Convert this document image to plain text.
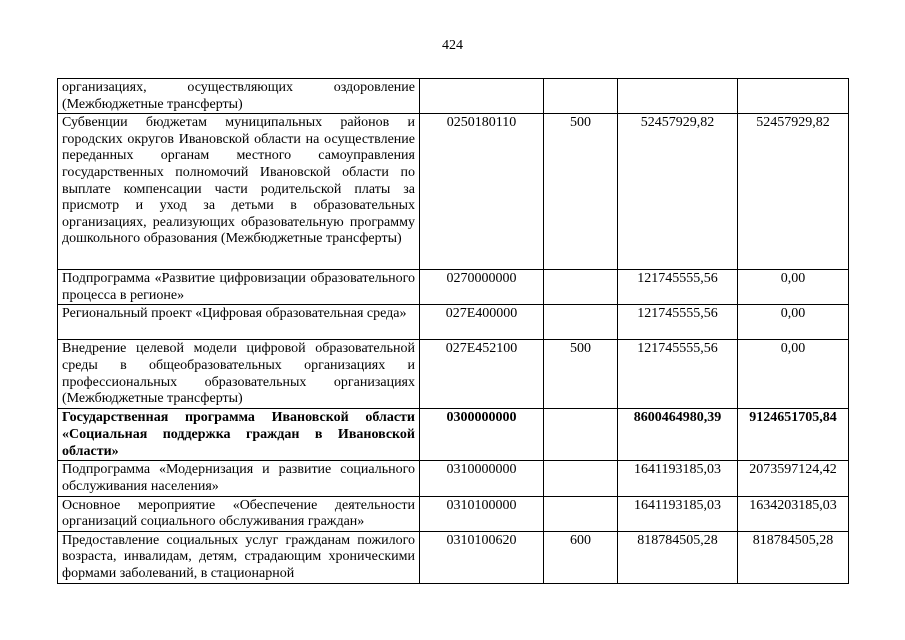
424
организациях, осуществляющих оздоровление (Межбюджетные трансферты)				
Субвенции бюджетам муниципальных районов и городских округов Ивановской области на осуществление переданных органам местного самоуправления государственных полномочий Ивановской области по выплате компенсации части родительской платы за присмотр и уход за детьми в образовательных организациях, реализующих образовательную программу дошкольного образования (Межбюджетные трансферты)	0250180110	500	52457929,82	52457929,82
Подпрограмма «Развитие цифровизации образовательного процесса в регионе»	0270000000		121745555,56	0,00
Региональный проект «Цифровая образовательная среда»	027E400000		121745555,56	0,00
Внедрение целевой модели цифровой образовательной среды в общеобразовательных организациях и профессиональных образовательных организациях (Межбюджетные трансферты)	027E452100	500	121745555,56	0,00
Государственная программа Ивановской области «Социальная поддержка граждан в Ивановской области»	0300000000		8600464980,39	9124651705,84
Подпрограмма «Модернизация и развитие социального обслуживания населения»	0310000000		1641193185,03	2073597124,42
Основное мероприятие «Обеспечение деятельности организаций социального обслуживания граждан»	0310100000		1641193185,03	1634203185,03
Предоставление социальных услуг гражданам пожилого возраста, инвалидам, детям, страдающим хроническими формами заболеваний, в стационарной	0310100620	600	818784505,28	818784505,28
